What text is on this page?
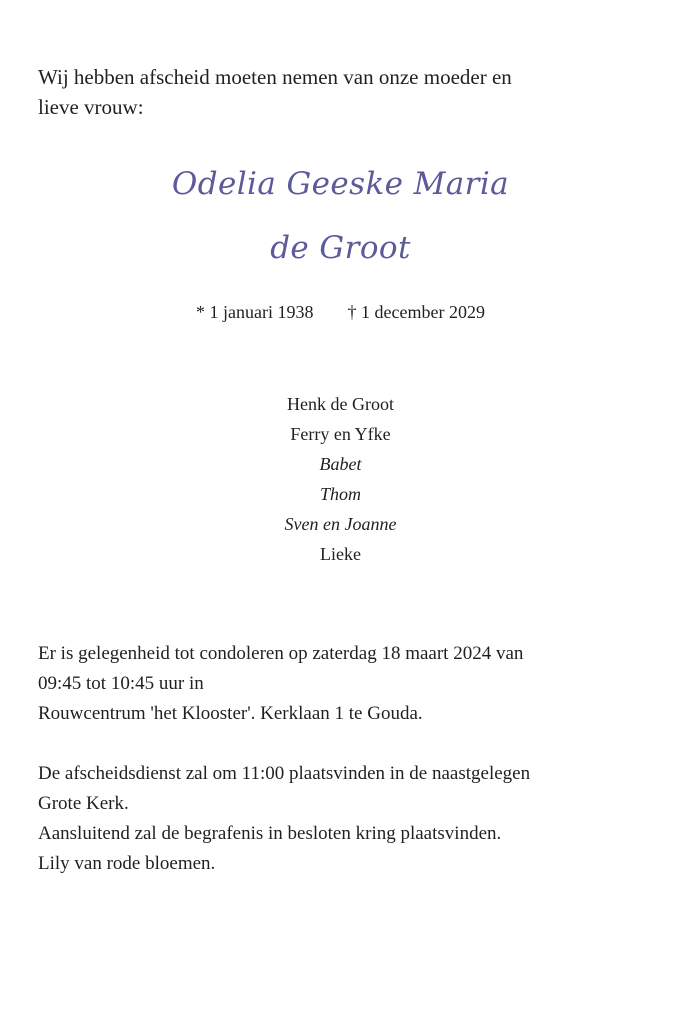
Wij hebben afscheid moeten nemen van onze moeder en
lieve vrouw:
Odelia Geeske Maria
de Groot
* 1 januari 1938 † 1 december 2029
Henk de Groot
Ferry en Yfke
Babet
Thom
Sven en Joanne
Lieke
Er is gelegenheid tot condoleren op zaterdag 18 maart 2024 van
09:45 tot 10:45 uur in
Rouwcentrum 'het Klooster'. Kerklaan 1 te Gouda.
De afscheidsdienst zal om 11:00 plaatsvinden in de naastgelegen
Grote Kerk.
Aansluitend zal de begrafenis in besloten kring plaatsvinden.
Lily van rode bloemen.
